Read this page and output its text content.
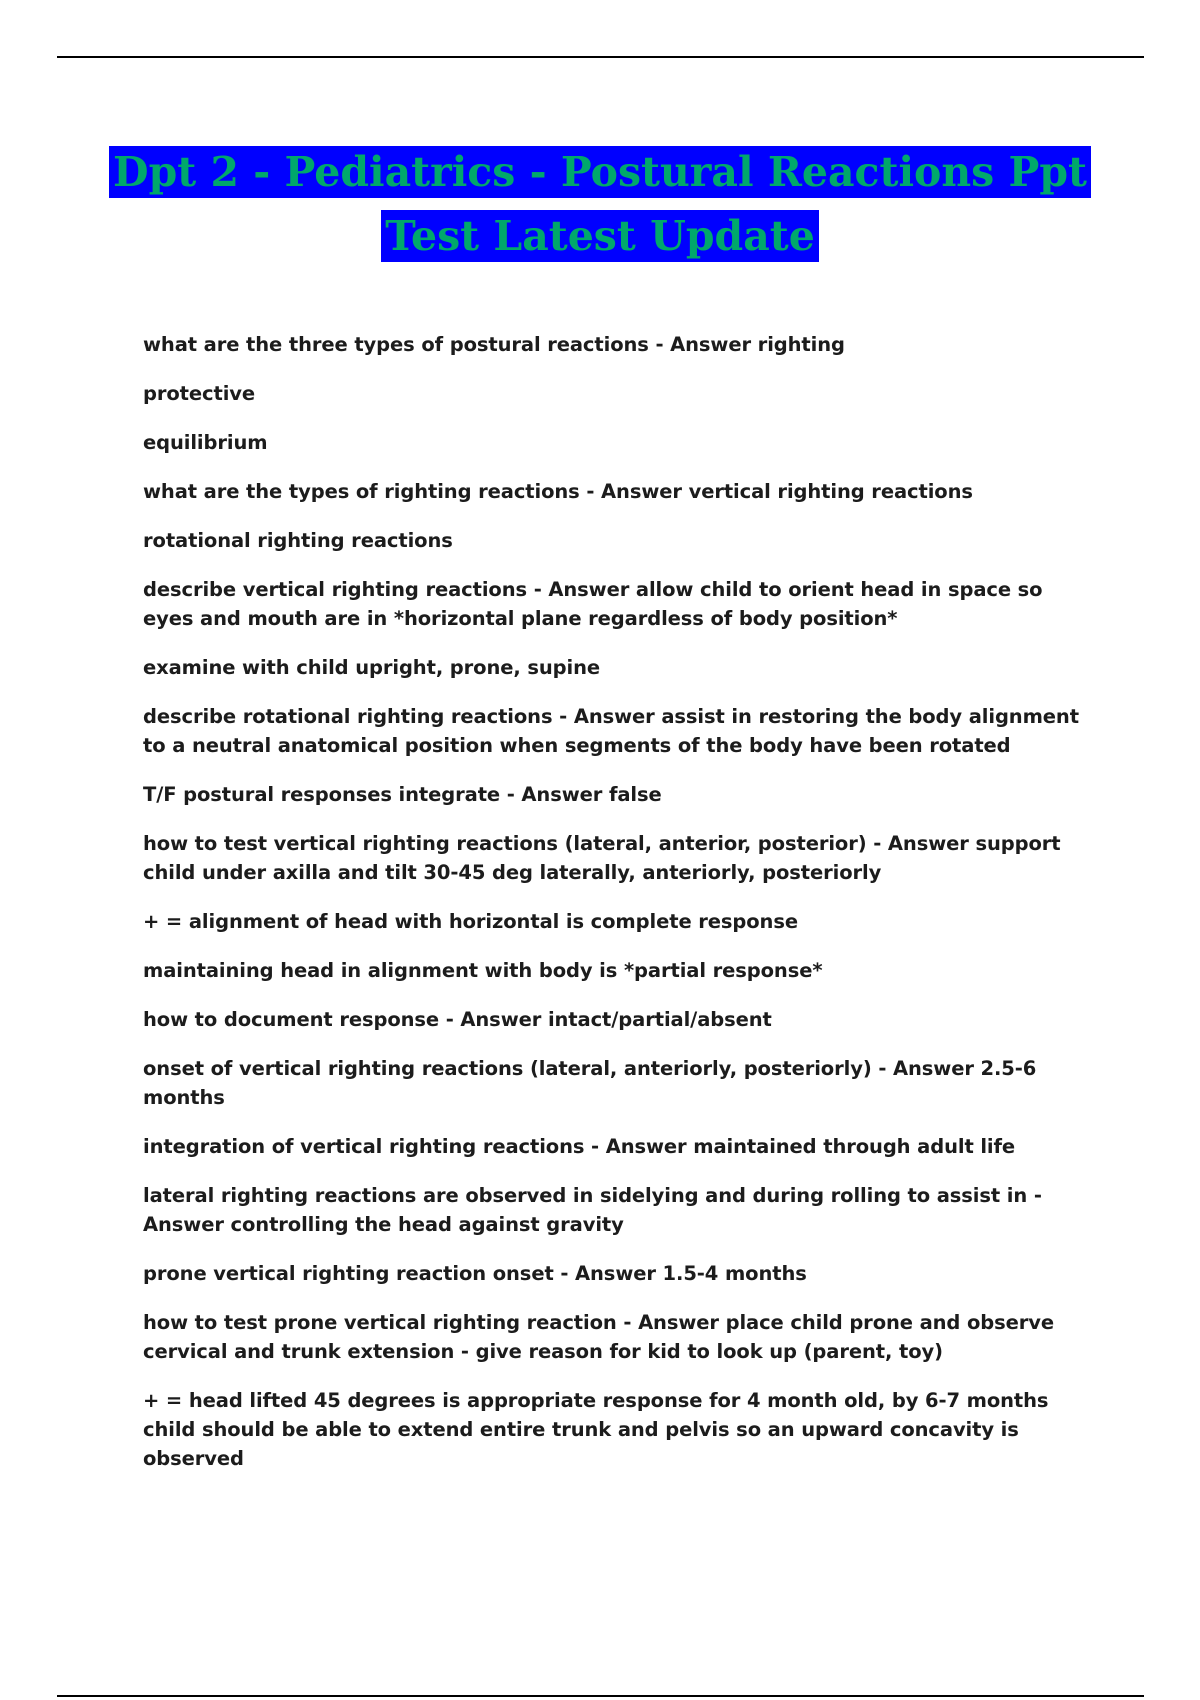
Dpt 2 - Pediatrics - Postural Reactions Ppt
Test Latest Update

what are the three types of postural reactions - Answer righting

protective

equilibrium

what are the types of righting reactions - Answer vertical righting reactions

rotational righting reactions

describe vertical righting reactions - Answer allow child to orient head in space so eyes and mouth are in *horizontal plane regardless of body position*

examine with child upright, prone, supine

describe rotational righting reactions - Answer assist in restoring the body alignment to a neutral anatomical position when segments of the body have been rotated

T/F postural responses integrate - Answer false

how to test vertical righting reactions (lateral, anterior, posterior) - Answer support child under axilla and tilt 30-45 deg laterally, anteriorly, posteriorly

+ = alignment of head with horizontal is complete response

maintaining head in alignment with body is *partial response*

how to document response - Answer intact/partial/absent

onset of vertical righting reactions (lateral, anteriorly, posteriorly) - Answer 2.5-6 months

integration of vertical righting reactions - Answer maintained through adult life

lateral righting reactions are observed in sidelying and during rolling to assist in - Answer controlling the head against gravity

prone vertical righting reaction onset - Answer 1.5-4 months

how to test prone vertical righting reaction - Answer place child prone and observe cervical and trunk extension - give reason for kid to look up (parent, toy)

+ = head lifted 45 degrees is appropriate response for 4 month old, by 6-7 months child should be able to extend entire trunk and pelvis so an upward concavity is observed
